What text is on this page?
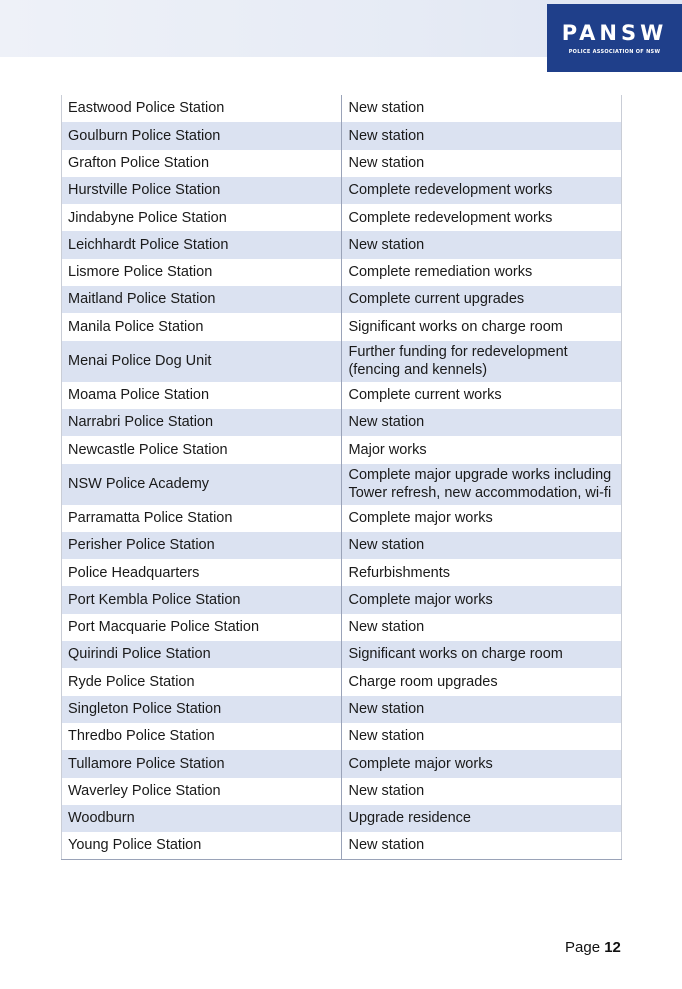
PANSW
POLICE ASSOCIATION OF NSW
Eastwood Police Station	New station
Goulburn Police Station	New station
Grafton Police Station	New station
Hurstville Police Station	Complete redevelopment works
Jindabyne Police Station	Complete redevelopment works
Leichhardt Police Station	New station
Lismore Police Station	Complete remediation works
Maitland Police Station	Complete current upgrades
Manila Police Station	Significant works on charge room
Menai Police Dog Unit	Further funding for redevelopment (fencing and kennels)
Moama Police Station	Complete current works
Narrabri Police Station	New station
Newcastle Police Station	Major works
NSW Police Academy	Complete major upgrade works including Tower refresh, new accommodation, wi-fi
Parramatta Police Station	Complete major works
Perisher Police Station	New station
Police Headquarters	Refurbishments
Port Kembla Police Station	Complete major works
Port Macquarie Police Station	New station
Quirindi Police Station	Significant works on charge room
Ryde Police Station	Charge room upgrades
Singleton Police Station	New station
Thredbo Police Station	New station
Tullamore Police Station	Complete major works
Waverley Police Station	New station
Woodburn	Upgrade residence
Young Police Station	New station
Page 12
